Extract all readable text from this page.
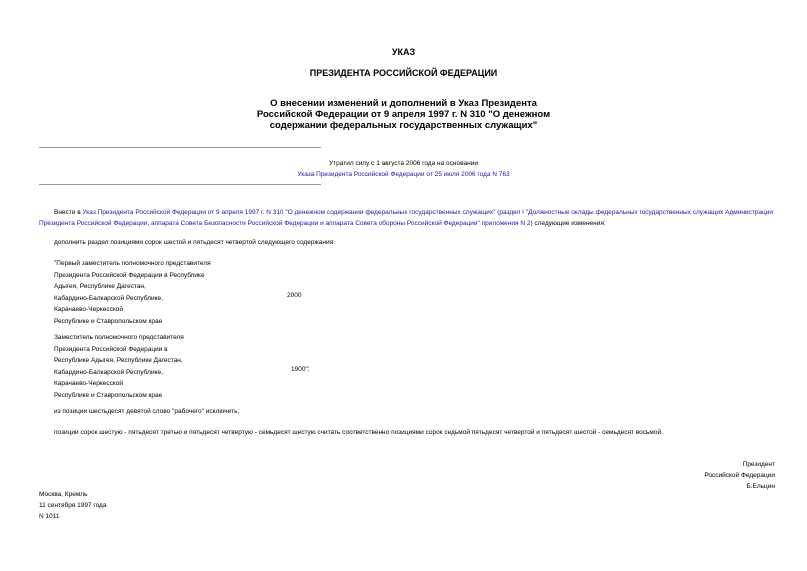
УКАЗ
ПРЕЗИДЕНТА РОССИЙСКОЙ ФЕДЕРАЦИИ
О внесении изменений и дополнений в Указ Президента
Российской Федерации от 9 апреля 1997 г. N 310 "О денежном
содержании федеральных государственных служащих"
Утратил силу с 1 августа 2006 года на основании
Указа Президента Российской Федерации от 25 июля 2006 года N 763
Внести в Указ Президента Российской Федерации от 9 апреля 1997 г. N 310 "О денежном содержании федеральных государственных служащих" (раздел I "Должностные оклады федеральных государственных служащих Администрации Президента Российской Федерации, аппарата Совета Безопасности Российской Федерации и аппарата Совета обороны Российской Федерации" приложения N 2) следующие изменения:
дополнить раздел позициями сорок шестой и пятьдесят четвертой следующего содержания:
"Первый заместитель полномочного представителя
Президента Российской Федерации в Республике
Адыгея, Республике Дагестан,
Кабардино-Балкарской Республике,
Карачаево-Черкесской
Республике и Ставропольском крае
2000
Заместитель полномочного представителя
Президента Российской Федерации в
Республике Адыгея, Республике Дагестан,
Кабардино-Балкарской Республике,
Карачаево-Черкесской
Республике и Ставропольском крае
1900";
из позиции шестьдесят девятой слово "рабочего" исключить;
позиции сорок шестую - пятьдесят третью и пятьдесят четвертую - семьдесят шестую считать соответственно позициями сорок седьмой пятьдесят четвертой и пятьдесят шестой - семьдесят восьмой.
Президент
Российской Федерации
Б.Ельцин
Москва, Кремль
11 сентября 1997 года
N 1011
